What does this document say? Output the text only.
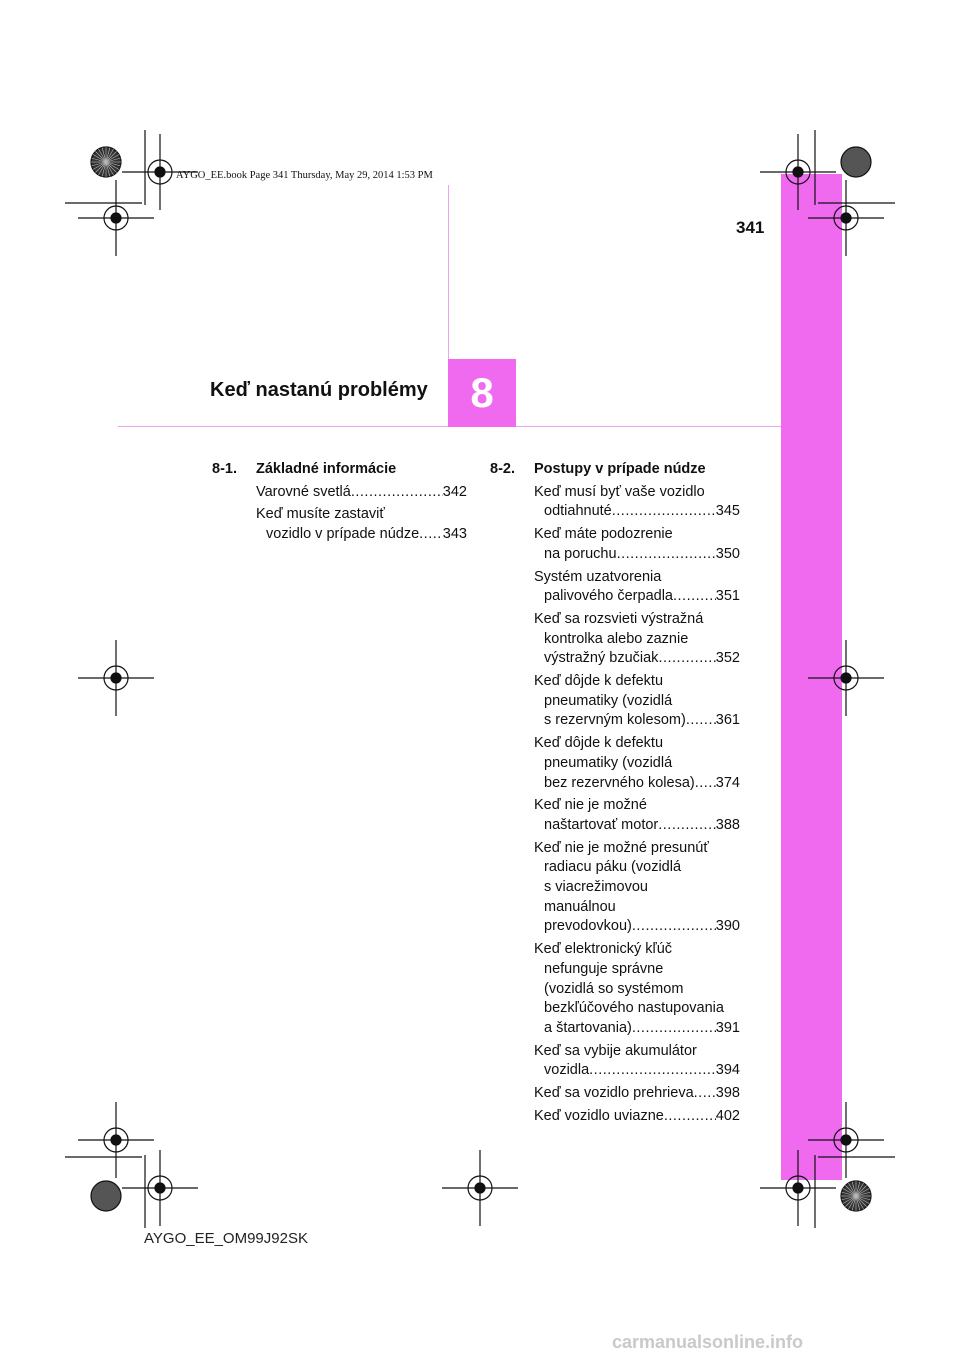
8
Keď nastanú problémy
341
AYGO_EE.book Page 341 Thursday, May 29, 2014 1:53 PM
AYGO_EE_OM99J92SK
carmanualsonline.info
8-1.	Základné informácie
Varovné svetlá .....	342
Keď musíte zastaviť
vozidlo v prípade núdze ..... 343
8-2.	Postupy v prípade núdze
Keď musí byť vaše vozidlo
odtiahnuté .....	345
Keď máte podozrenie
na poruchu .....	350
Systém uzatvorenia
palivového čerpadla .....	351
Keď sa rozsvieti výstražná
kontrolka alebo zaznie
výstražný bzučiak .....	352
Keď dôjde k defektu
pneumatiky (vozidlá
s rezervným kolesom) ..... 361
Keď dôjde k defektu
pneumatiky (vozidlá
bez rezervného kolesa) ..... 374
Keď nie je možné
naštartovať motor .....	388
Keď nie je možné presunúť
radiacu páku (vozidlá
s viacrežimovou
manuálnou
prevodovkou) .....	390
Keď elektronický kľúč
nefunguje správne
(vozidlá so systémom
bezkľúčového nastupovania
a štartovania) .....	391
Keď sa vybije akumulátor
vozidla .....	394
Keď sa vozidlo prehrieva ..... 398
Keď vozidlo uviazne .....	402
